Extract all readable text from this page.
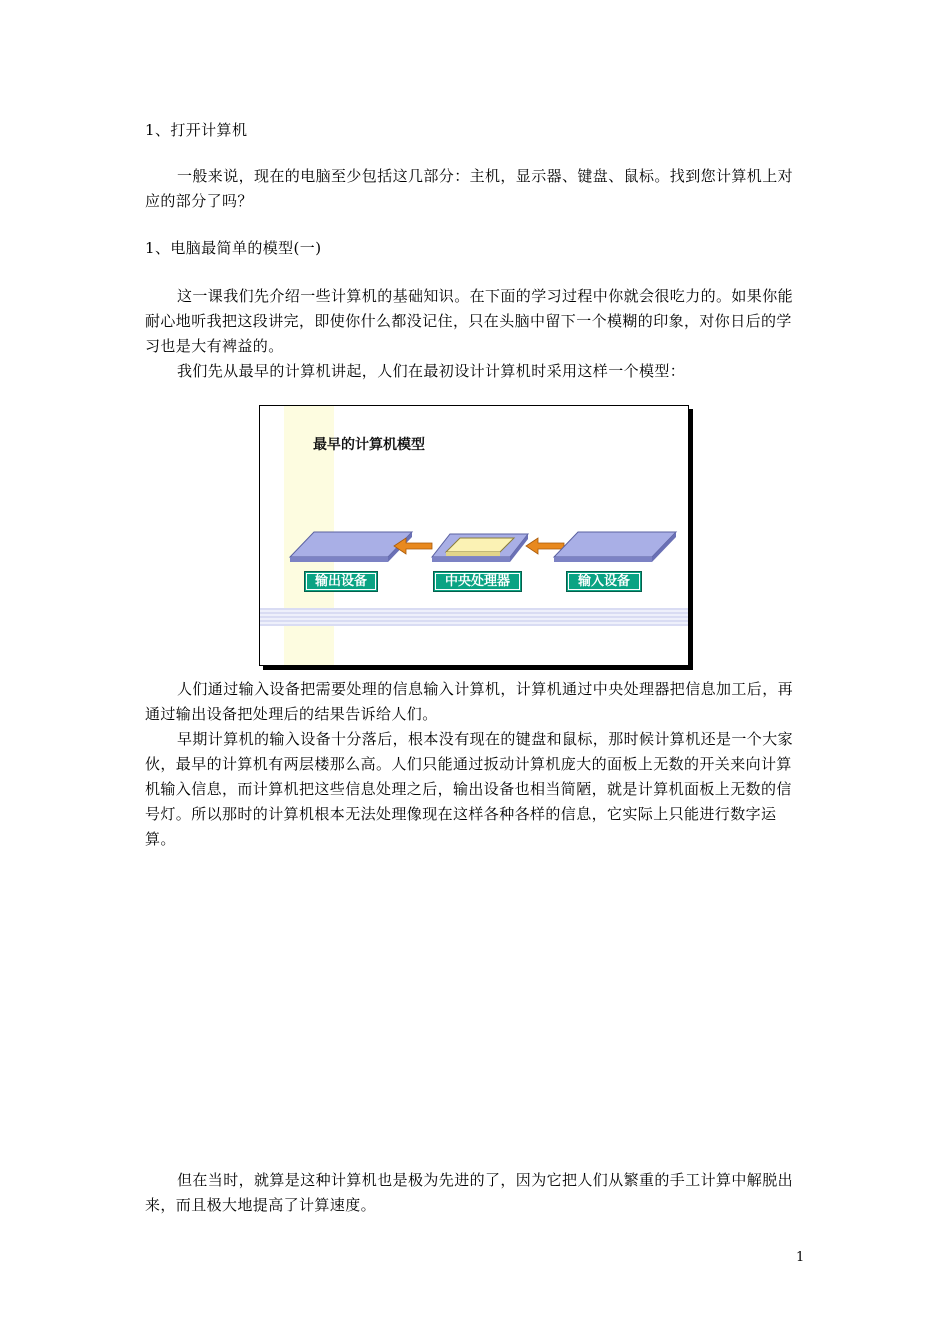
1、打开计算机

一般来说，现在的电脑至少包括这几部分：主机，显示器、键盘、鼠标。找到您计算机上对应的部分了吗？

1、电脑最简单的模型(一)

这一课我们先介绍一些计算机的基础知识。在下面的学习过程中你就会很吃力的。如果你能耐心地听我把这段讲完，即使你什么都没记住，只在头脑中留下一个模糊的印象，对你日后的学习也是大有裨益的。

我们先从最早的计算机讲起，人们在最初设计计算机时采用这样一个模型：

最早的计算机模型
输出设备	中央处理器	输入设备

人们通过输入设备把需要处理的信息输入计算机，计算机通过中央处理器把信息加工后，再通过输出设备把处理后的结果告诉给人们。

早期计算机的输入设备十分落后，根本没有现在的键盘和鼠标，那时候计算机还是一个大家伙，最早的计算机有两层楼那么高。人们只能通过扳动计算机庞大的面板上无数的开关来向计算机输入信息，而计算机把这些信息处理之后，输出设备也相当简陋，就是计算机面板上无数的信号灯。所以那时的计算机根本无法处理像现在这样各种各样的信息，它实际上只能进行数字运算。

但在当时，就算是这种计算机也是极为先进的了，因为它把人们从繁重的手工计算中解脱出来，而且极大地提高了计算速度。

1
